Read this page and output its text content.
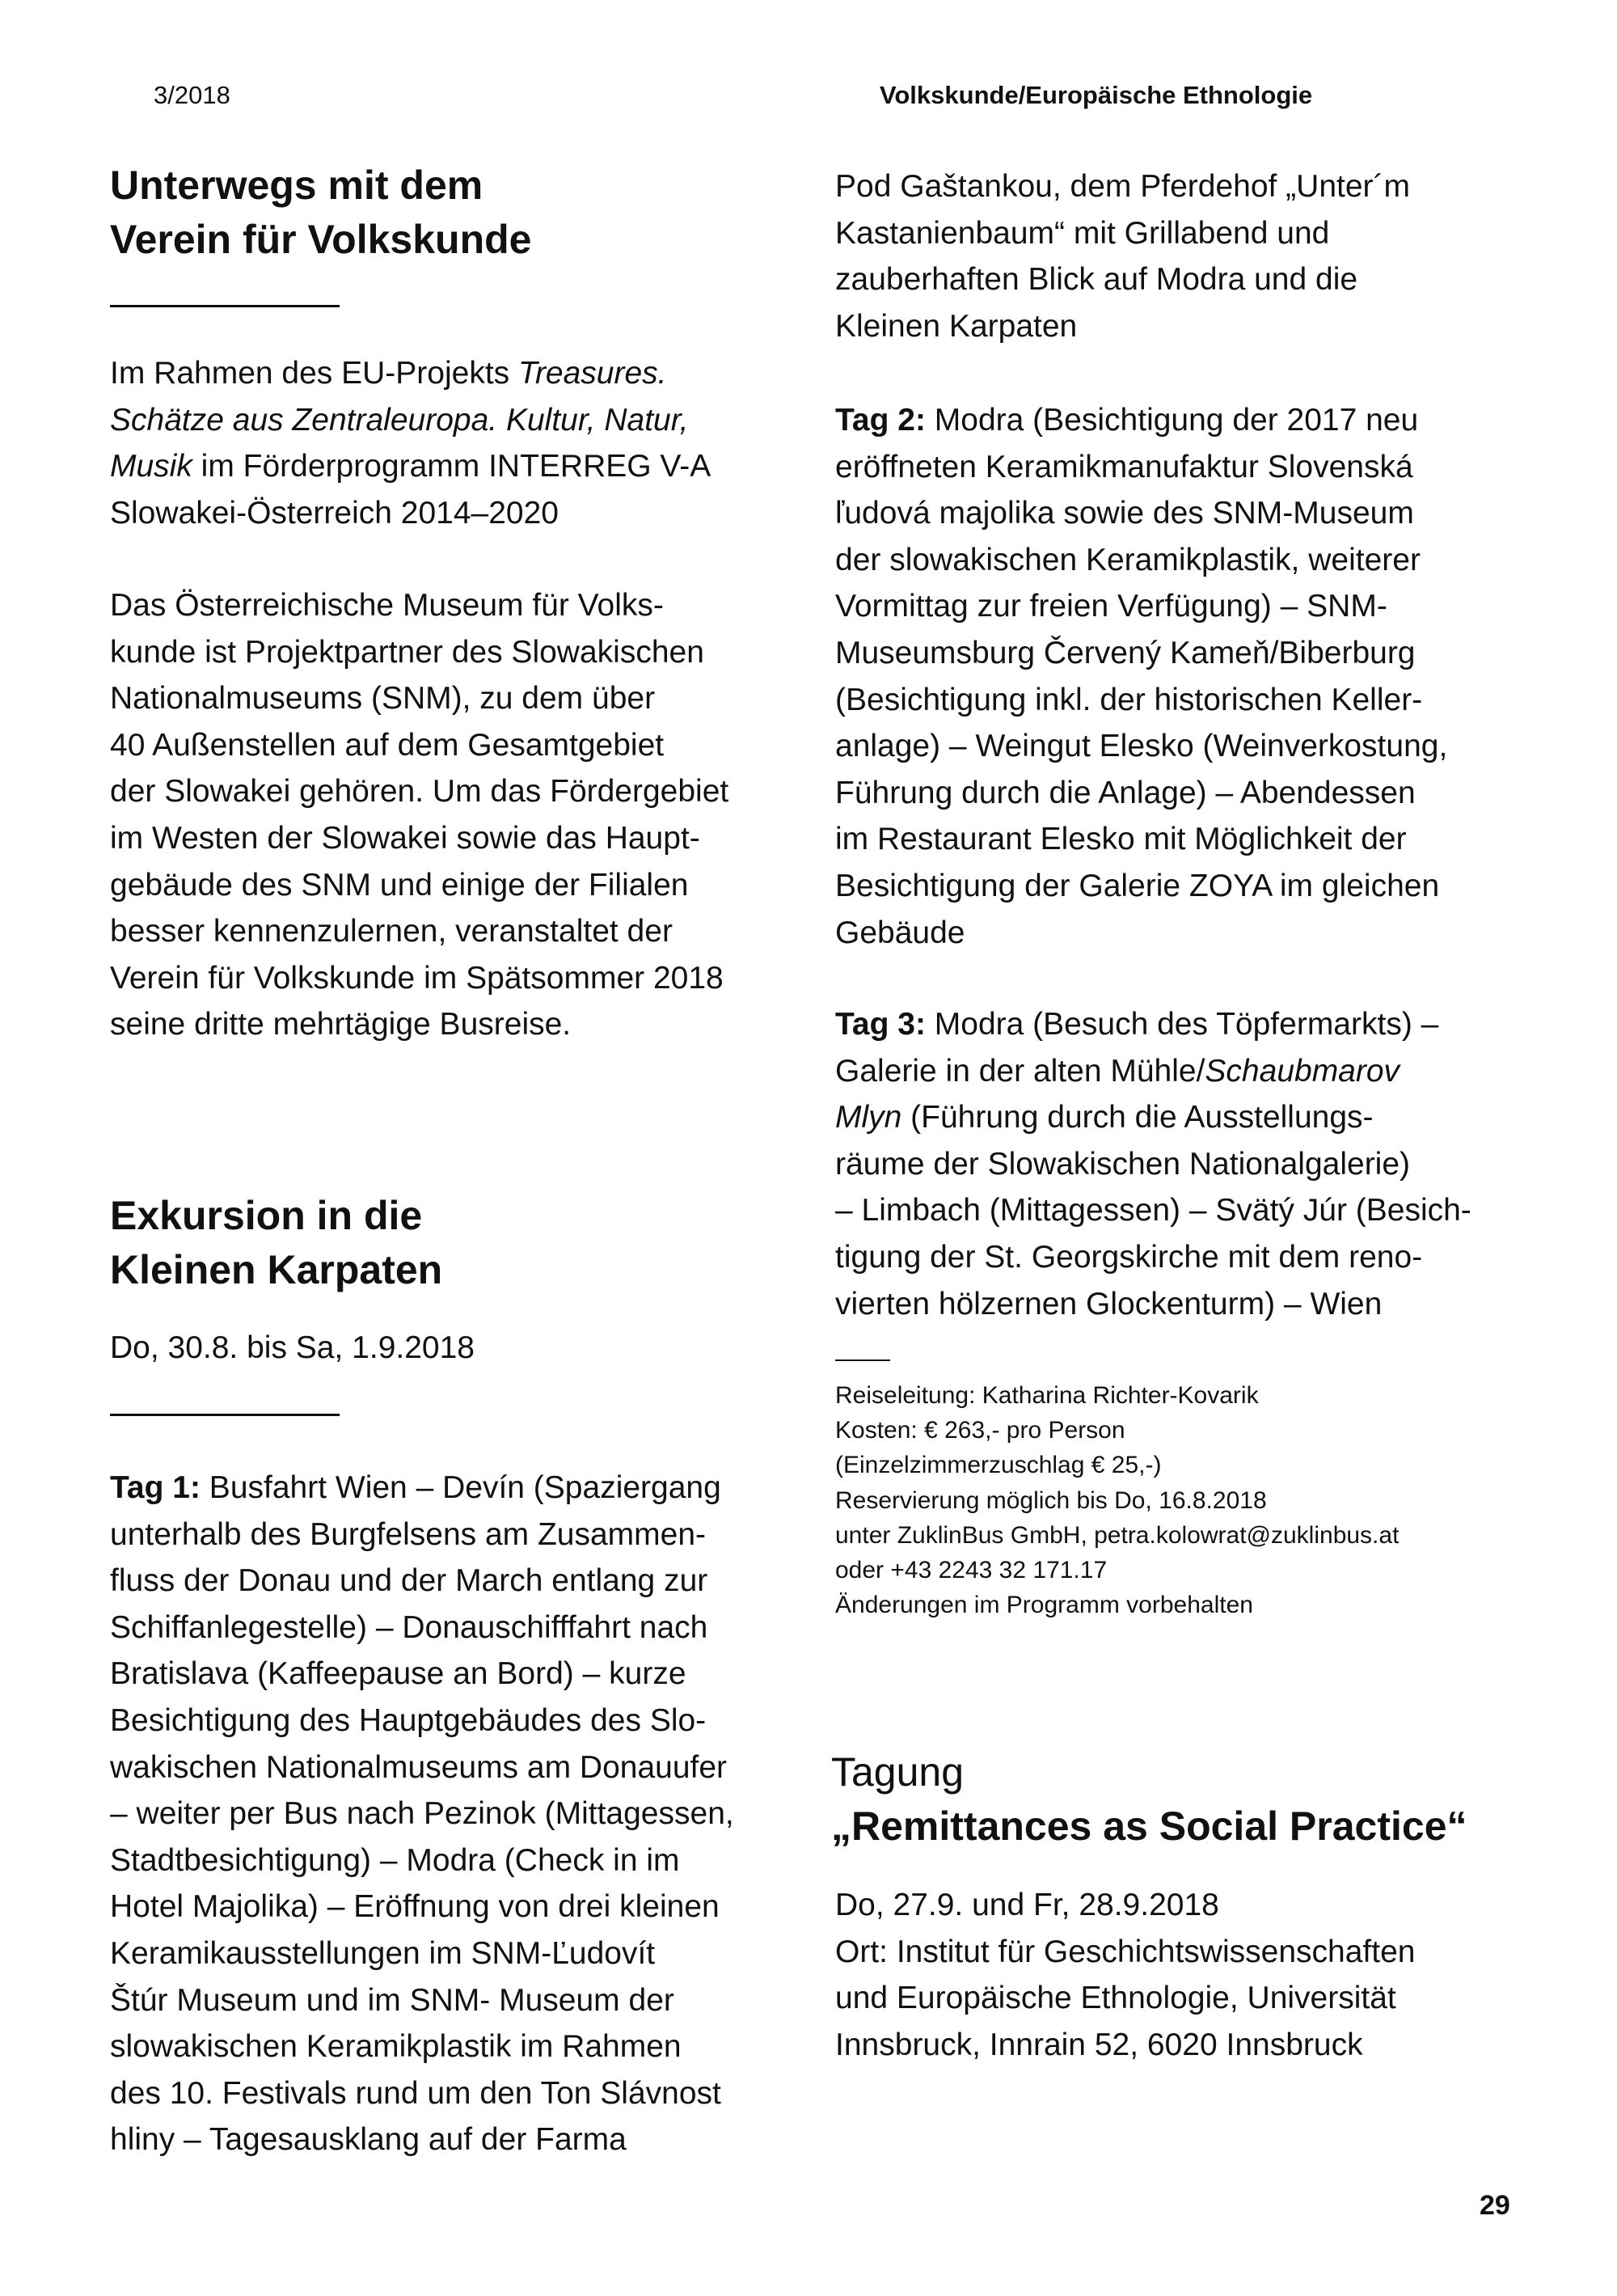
3/2018	Volkskunde/Europäische Ethnologie
Unterwegs mit dem
Verein für Volkskunde
Im Rahmen des EU-Projekts Treasures.
Schätze aus Zentraleuropa. Kultur, Natur,
Musik im Förderprogramm INTERREG V-A
Slowakei-Österreich 2014–2020
Das Österreichische Museum für Volks-
kunde ist Projektpartner des Slowakischen
Nationalmuseums (SNM), zu dem über
40 Außenstellen auf dem Gesamtgebiet
der Slowakei gehören. Um das Fördergebiet
im Westen der Slowakei sowie das Haupt-
gebäude des SNM und einige der Filialen
besser kennenzulernen, veranstaltet der
Verein für Volkskunde im Spätsommer 2018
seine dritte mehrtägige Busreise.
Exkursion in die
Kleinen Karpaten
Do, 30.8. bis Sa, 1.9.2018
Tag 1: Busfahrt Wien – Devín (Spaziergang
unterhalb des Burgfelsens am Zusammen-
fluss der Donau und der March entlang zur
Schiffanlegestelle) – Donauschifffahrt nach
Bratislava (Kaffeepause an Bord) – kurze
Besichtigung des Hauptgebäudes des Slo-
wakischen Nationalmuseums am Donauufer
– weiter per Bus nach Pezinok (Mittagessen,
Stadtbesichtigung) – Modra (Check in im
Hotel Majolika) – Eröffnung von drei kleinen
Keramikausstellungen im SNM-Ľudovít
Štúr Museum und im SNM- Museum der
slowakischen Keramikplastik im Rahmen
des 10. Festivals rund um den Ton Slávnost
hliny – Tagesausklang auf der Farma
Pod Gaštankou, dem Pferdehof „Unter´m
Kastanienbaum“ mit Grillabend und
zauberhaften Blick auf Modra und die
Kleinen Karpaten
Tag 2: Modra (Besichtigung der 2017 neu
eröffneten Keramikmanufaktur Slovenská
ľudová majolika sowie des SNM-Museum
der slowakischen Keramikplastik, weiterer
Vormittag zur freien Verfügung) – SNM-
Museumsburg Červený Kameň/Biberburg
(Besichtigung inkl. der historischen Keller-
anlage) – Weingut Elesko (Weinverkostung,
Führung durch die Anlage) – Abendessen
im Restaurant Elesko mit Möglichkeit der
Besichtigung der Galerie ZOYA im gleichen
Gebäude
Tag 3: Modra (Besuch des Töpfermarkts) –
Galerie in der alten Mühle/Schaubmarov
Mlyn (Führung durch die Ausstellungs-
räume der Slowakischen Nationalgalerie)
– Limbach (Mittagessen) – Svätý Júr (Besich-
tigung der St. Georgskirche mit dem reno-
vierten hölzernen Glockenturm) – Wien
Reiseleitung: Katharina Richter-Kovarik
Kosten: € 263,- pro Person
(Einzelzimmerzuschlag € 25,-)
Reservierung möglich bis Do, 16.8.2018
unter ZuklinBus GmbH, petra.kolowrat@zuklinbus.at
oder +43 2243 32 171.17
Änderungen im Programm vorbehalten
Tagung
„Remittances as Social Practice“
Do, 27.9. und Fr, 28.9.2018
Ort: Institut für Geschichtswissenschaften
und Europäische Ethnologie, Universität
Innsbruck, Innrain 52, 6020 Innsbruck
29
